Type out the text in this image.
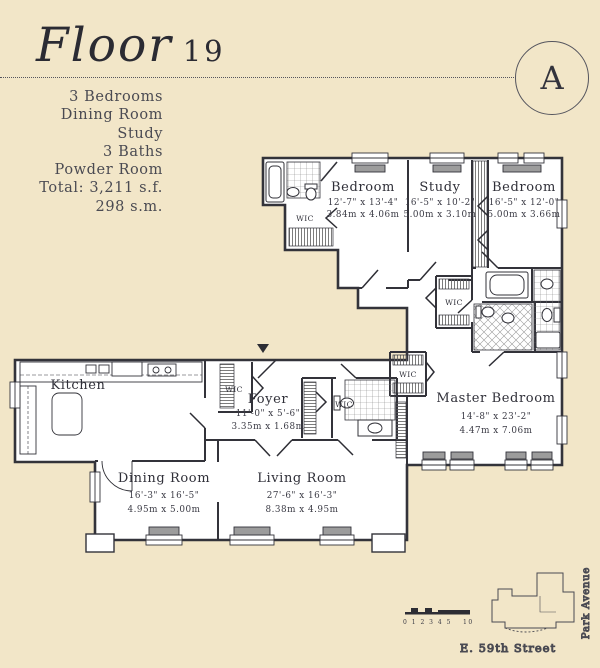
Floor 19
A
3 Bedrooms
Dining Room
Study
3 Baths
Powder Room
Total: 3,211 s.f.
298 s.m.
Bedroom
12'-7" x 13'-4"
3.84m x 4.06m
Study
16'-5" x 10'-2"
5.00m x 3.10m
Bedroom
16'-5" x 12'-0"
5.00m x 3.66m
Kitchen
Foyer
11'-0" x 5'-6"
3.35m x 1.68m
Master Bedroom
14'-8" x 23'-2"
4.47m x 7.06m
Dining Room
16'-3" x 16'-5"
4.95m x 5.00m
Living Room
27'-6" x 16'-3"
8.38m x 4.95m
WIC
WIC
WIC
WIC
WIC
0 1 2 3 4 5 10
E. 59th Street
Park Avenue
